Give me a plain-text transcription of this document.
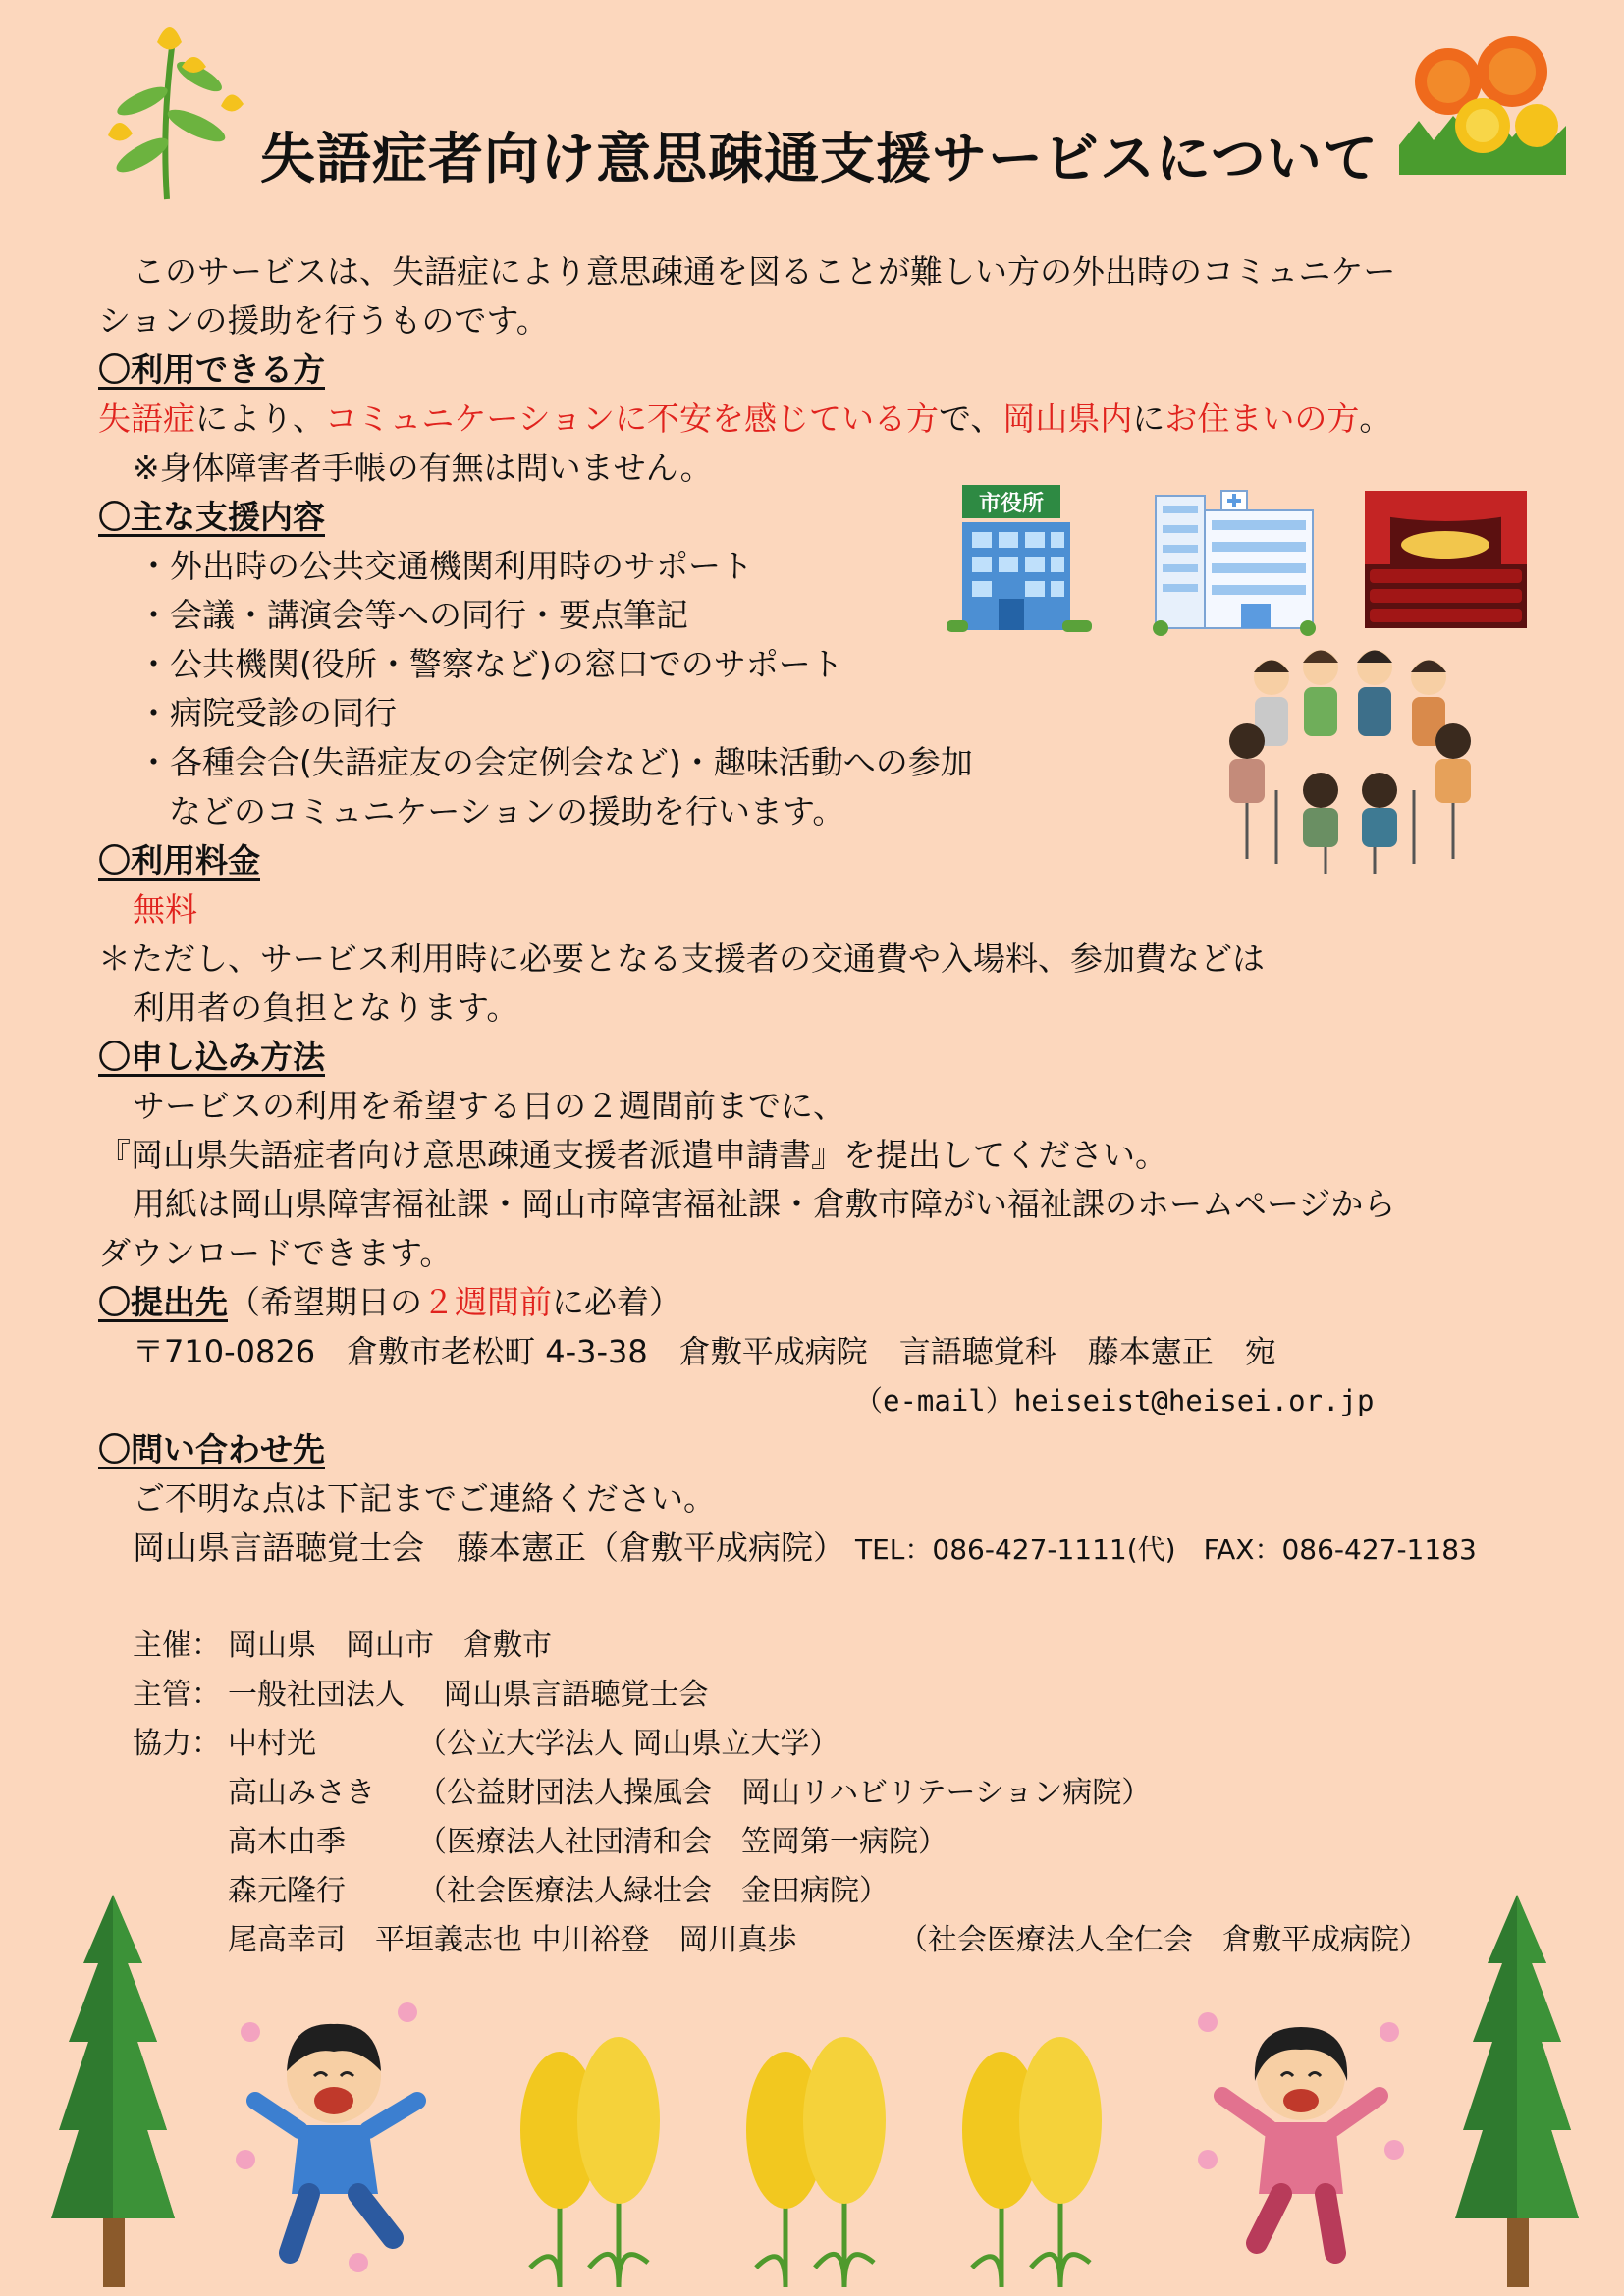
失語症者向け意思疎通支援サービスについて
このサービスは、失語症により意思疎通を図ることが難しい方の外出時のコミュニケー
ションの援助を行うものです。
〇利用できる方
失語症により、コミュニケーションに不安を感じている方で、岡山県内にお住まいの方。
※身体障害者手帳の有無は問いません。
〇主な支援内容
・外出時の公共交通機関利用時のサポート
・会議・講演会等への同行・要点筆記
・公共機関(役所・警察など)の窓口でのサポート
・病院受診の同行
・各種会合(失語症友の会定例会など)・趣味活動への参加
などのコミュニケーションの援助を行います。
〇利用料金
無料
＊ただし、サービス利用時に必要となる支援者の交通費や入場料、参加費などは
利用者の負担となります。
〇申し込み方法
サービスの利用を希望する日の２週間前までに、
『岡山県失語症者向け意思疎通支援者派遣申請書』を提出してください。
用紙は岡山県障害福祉課・岡山市障害福祉課・倉敷市障がい福祉課のホームページから
ダウンロードできます。
〇提出先（希望期日の２週間前に必着）
〒710-0826　倉敷市老松町 4-3-38　倉敷平成病院　言語聴覚科　藤本憲正　宛
（e-mail）heiseist@heisei.or.jp
〇問い合わせ先
ご不明な点は下記までご連絡ください。
岡山県言語聴覚士会　藤本憲正（倉敷平成病院） TEL：086-427-1111(代)　FAX：086-427-1183
主催： 岡山県　岡山市　倉敷市
主管： 一般社団法人　 岡山県言語聴覚士会
協力： 中村光	（公立大学法人 岡山県立大学）
高山みさき （公益財団法人操風会　岡山リハビリテーション病院）
高木由季 （医療法人社団清和会　笠岡第一病院）
森元隆行 （社会医療法人緑壮会　金田病院）
尾高幸司　平垣義志也 中川裕登　岡川真歩	（社会医療法人全仁会　倉敷平成病院）
市役所
